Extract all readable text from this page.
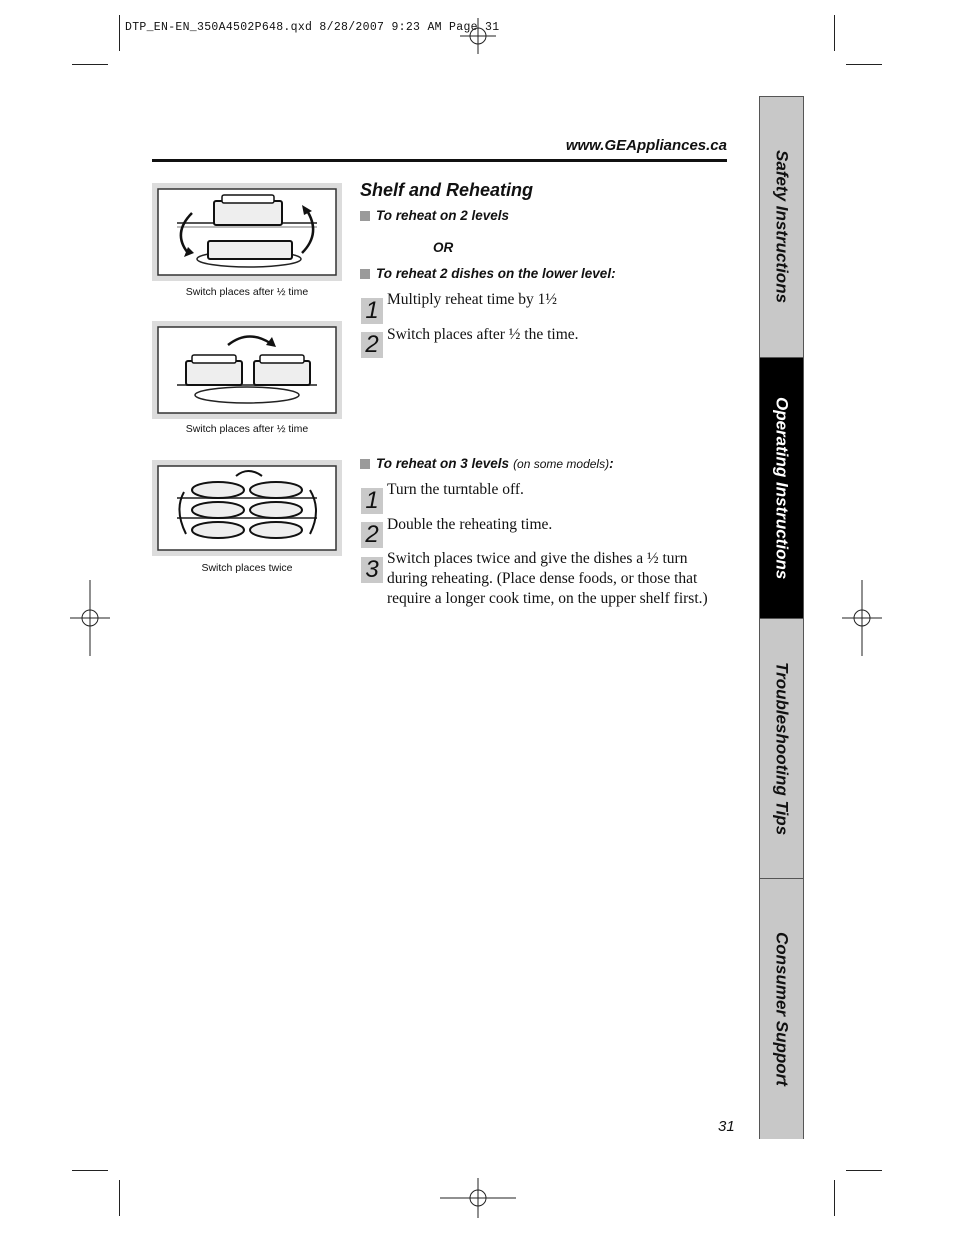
DTP_EN-EN_350A4502P648.qxd 8/28/2007 9:23 AM Page 31
www.GEAppliances.ca
Switch places after ½ time
Switch places after ½ time
Switch places twice
Shelf and Reheating
To reheat on 2 levels
OR
To reheat 2 dishes on the lower level:
1 Multiply reheat time by 1½
2 Switch places after ½ the time.
To reheat on 3 levels (on some models) :
1 Turn the turntable off.
2 Double the reheating time.
3 Switch places twice and give the dishes a ½ turn during reheating. (Place dense foods, or those that require a longer cook time, on the upper shelf first.)
Safety Instructions
Operating Instructions
Troubleshooting Tips
Consumer Support
31
